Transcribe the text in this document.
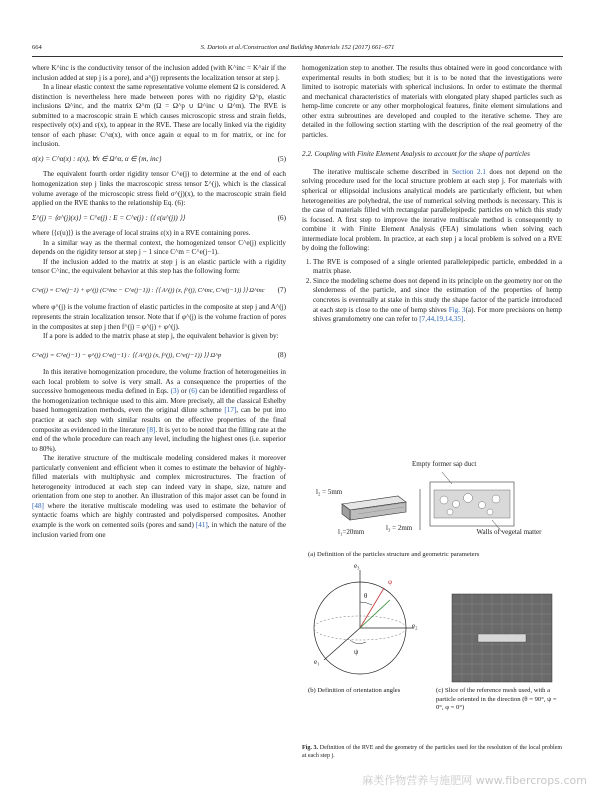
664	S. Dartois et al./Construction and Building Materials 152 (2017) 661–671

where K^inc is the conductivity tensor of the inclusion added (with K^inc = K^air if the inclusion added at step j is a pore), and a^(j) represents the localization tensor at step j.

In a linear elastic context the same representative volume element Ω is considered. A distinction is nevertheless here made between pores with no rigidity Ω^p, elastic inclusions Ω^inc, and the matrix Ω^m (Ω = Ω^p ∪ Ω^inc ∪ Ω^m). The RVE is submitted to a macroscopic strain E which causes microscopic stress and strain fields, respectively σ(x) and ε(x), to appear in the RVE. These are locally linked via the rigidity tensor of each phase: C^α(x), with once again α equal to m for matrix, or inc for inclusion.

σ(x) = C^α(x) : ε(x), ∀x ∈ Ω^α, α ∈ {m, inc}	(5)

The equivalent fourth order rigidity tensor C^e(j) to determine at the end of each homogenization step j links the macroscopic stress tensor Σ^(j), which is the classical volume average of the microscopic stress field σ^(j)(x), to the macroscopic strain field applied on the RVE thanks to the relationship Eq. (6):

Σ^(j) = ⟨σ^(j)(x)⟩ = C^e(j) : E = C^e(j) : ⟨⟨ ε(u^(j)) ⟩⟩	(6)

where ⟨⟨ε(u)⟩⟩ is the average of local strains ε(x) in a RVE containing pores.

In a similar way as the thermal context, the homogenized tensor C^e(j) explicitly depends on the rigidity tensor at step j − 1 since C^m = C^e(j−1).

If the inclusion added to the matrix at step j is an elastic particle with a rigidity tensor C^inc, the equivalent behavior at this step has the following form:

C^e(j) = C^e(j−1) + φ^(j) (C^inc − C^e(j−1)) : ⟨⟨ A^(j) (x, f^(j), C^inc, C^e(j−1)) ⟩⟩ Ω^inc (7)

where φ^(j) is the volume fraction of elastic particles in the composite at step j and A^(j) represents the strain localization tensor. Note that if φ^(j) is the volume fraction of pores in the composites at step j then f^(j) = φ^(j) + φ^(j).

If a pore is added to the matrix phase at step j, the equivalent behavior is given by:

C^e(j) = C^e(j−1) − φ^(j) C^e(j−1) : ⟨⟨ A^(j) (x, f^(j), C^e(j−1)) ⟩⟩ Ω^p	(8)

In this iterative homogenization procedure, the volume fraction of heterogeneities in each local problem to solve is very small. As a consequence the properties of the successive homogeneous media defined in Eqs. (3) or (6) can be identified regardless of the homogenization technique used to this aim. More precisely, all the classical Eshelby based homogenization methods, even the original dilute scheme [17], can be put into practice at each step with similar results on the effective properties of the final composite as evidenced in the literature [8]. It is yet to be noted that the filling rate at the end of the whole procedure can reach any level, including the highest ones (i.e. superior to 80%).

The iterative structure of the multiscale modeling considered makes it moreover particularly convenient and efficient when it comes to estimate the behavior of highly-filled materials with multiphysic and complex microstructures. The fraction of heterogeneity introduced at each step can indeed vary in shape, size, nature and orientation from one step to another. An illustration of this major asset can be found in [48] where the iterative multiscale modeling was used to estimate the behavior of syntactic foams which are highly contrasted and polydispersed composites. Another example is the work on cemented soils (pores and sand) [41], in which the nature of the inclusion varied from one

homogenization step to another. The results thus obtained were in good concordance with experimental results in both studies; but it is to be noted that the investigations were limited to isotropic materials with spherical inclusions. In order to estimate the thermal and mechanical characteristics of materials with elongated platy shaped particles such as hemp-lime concrete or any other morphological features, finite element simulations and other extra subroutines are developed and coupled to the iterative scheme. They are detailed in the following section starting with the description of the real geometry of the particles.

2.2. Coupling with Finite Element Analysis to account for the shape of particles

The iterative multiscale scheme described in Section 2.1 does not depend on the solving procedure used for the local structure problem at each step j. For materials with spherical or ellipsoidal inclusions analytical models are particularly efficient, but when heterogeneities are polyhedral, the use of numerical solving methods is necessary. This is the case of materials filled with rectangular parallelepipedic particles on which this study is focused. A first step to improve the iterative multiscale method is consequently to combine it with Finite Element Analysis (FEA) simulations when solving each intermediate local problem. In practice, at each step j a local problem is solved on a RVE by doing the following:

1. The RVE is composed of a single oriented parallelepipedic particle, embedded in a matrix phase.
2. Since the modeling scheme does not depend in its principle on the geometry nor on the slenderness of the particle, and since the estimation of the properties of hemp concretes is eventually at stake in this study the shape factor of the particle introduced at each step is close to the one of hemp shives Fig. 3(a). For more precisions on hemp shives granulometry one can refer to [7,44,19,14,35].
Empty former sap duct
l₂ = 5mm
l₁=20mm	l₃ = 2mm	Walls of vegetal matter
(a) Definition of the particles structure and geometric parameters
e₃
e₂
e₁
θ
φ
ψ
(b) Definition of orientation angles	(c) Slice of the reference mesh used, with a particle oriented in the direction (θ = 90°, ψ = 0°, φ = 0°)
Fig. 3. Definition of the RVE and the geometry of the particles used for the resolution of the local problem at each step j.
麻类作物营养与施肥网 www.fibercrops.com
